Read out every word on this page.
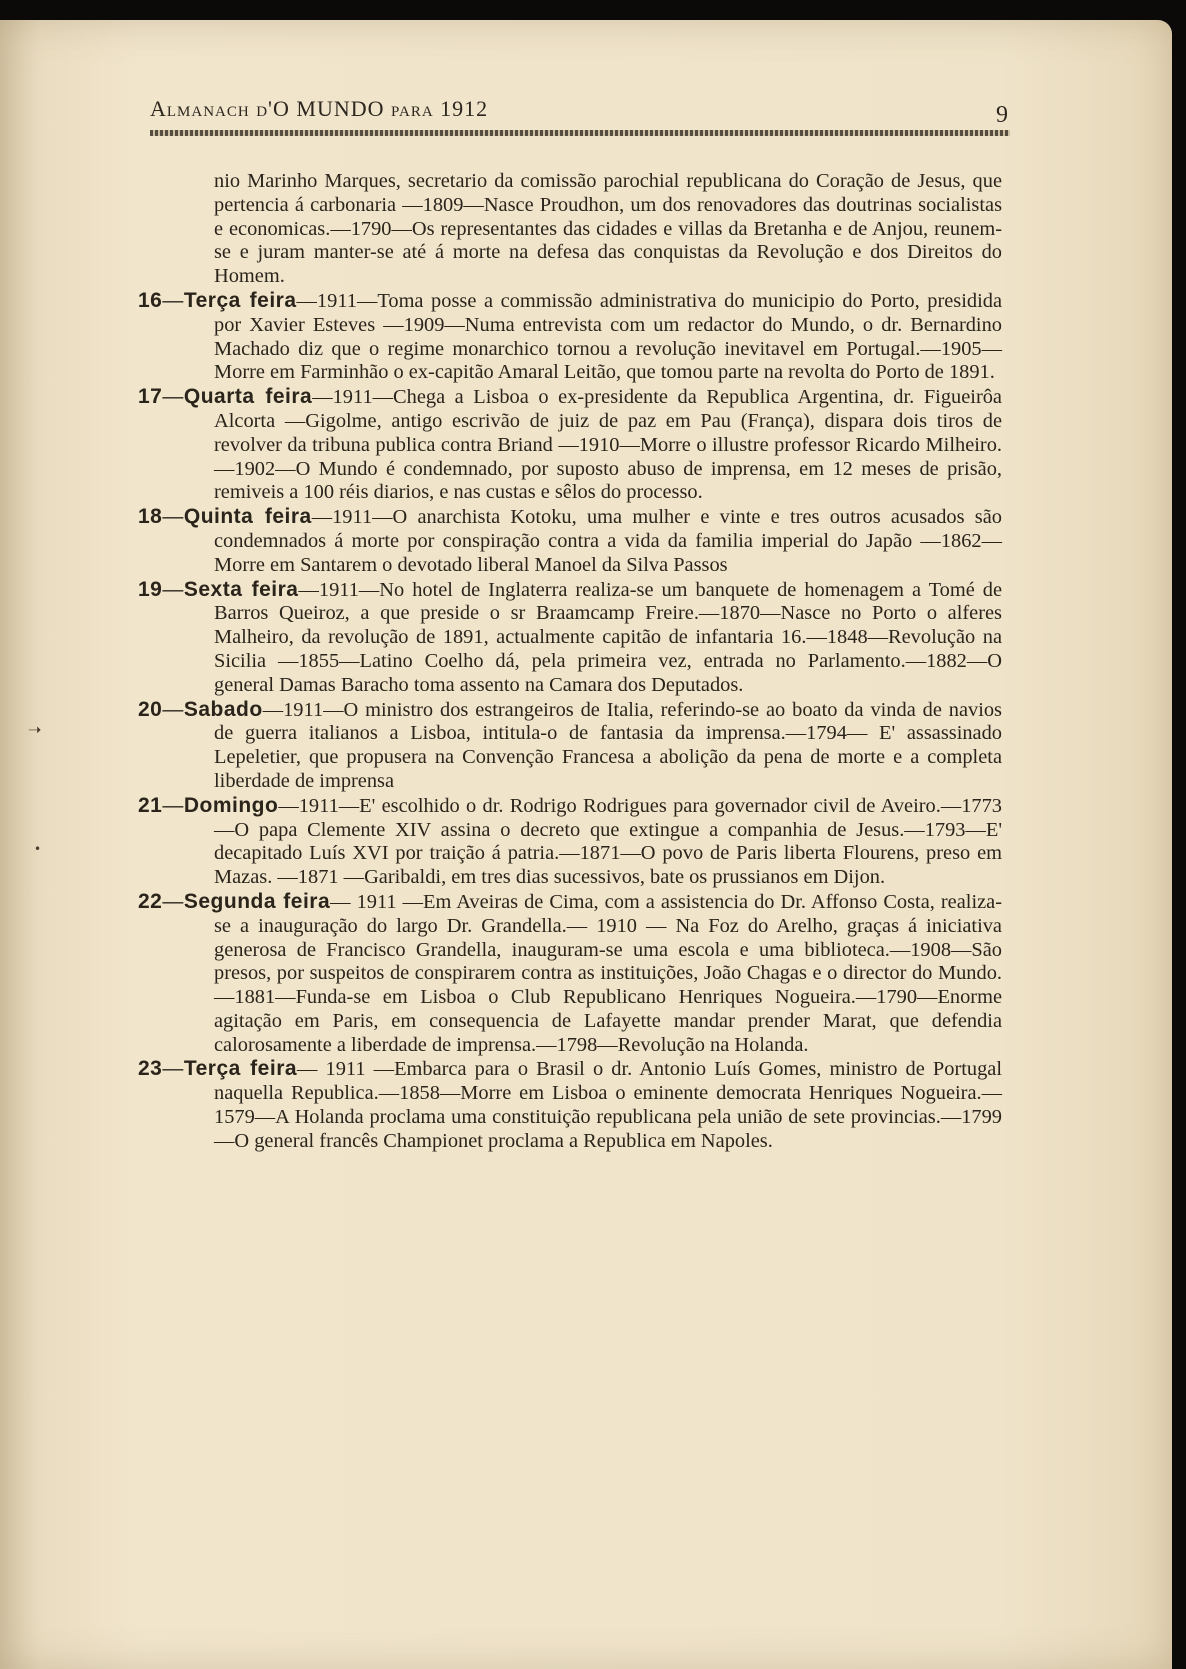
Almanach d'O MUNDO para 1912	9

nio Marinho Marques, secretario da comissão parochial republicana do Coração de Jesus, que pertencia á carbonaria —1809—Nasce Proudhon, um dos renovadores das doutrinas socialistas e economicas.—1790—Os representantes das cidades e villas da Bretanha e de Anjou, reunem-se e juram manter-se até á morte na defesa das conquistas da Revolução e dos Direitos do Homem.

16—Terça feira—1911—Toma posse a commissão administrativa do municipio do Porto, presidida por Xavier Esteves —1909—Numa entrevista com um redactor do Mundo, o dr. Bernardino Machado diz que o regime monarchico tornou a revolução inevitavel em Portugal.—1905—Morre em Farminhão o ex-capitão Amaral Leitão, que tomou parte na revolta do Porto de 1891.

17—Quarta feira—1911—Chega a Lisboa o ex-presidente da Republica Argentina, dr. Figueirôa Alcorta —Gigolme, antigo escrivão de juiz de paz em Pau (França), dispara dois tiros de revolver da tribuna publica contra Briand —1910—Morre o illustre professor Ricardo Milheiro.—1902—O Mundo é condemnado, por suposto abuso de imprensa, em 12 meses de prisão, remiveis a 100 réis diarios, e nas custas e sêlos do processo.

18—Quinta feira—1911—O anarchista Kotoku, uma mulher e vinte e tres outros acusados são condemnados á morte por conspiração contra a vida da familia imperial do Japão —1862—Morre em Santarem o devotado liberal Manoel da Silva Passos

19—Sexta feira—1911—No hotel de Inglaterra realiza-se um banquete de homenagem a Tomé de Barros Queiroz, a que preside o sr Braamcamp Freire.—1870—Nasce no Porto o alferes Malheiro, da revolução de 1891, actualmente capitão de infantaria 16.—1848—Revolução na Sicilia —1855—Latino Coelho dá, pela primeira vez, entrada no Parlamento.—1882—O general Damas Baracho toma assento na Camara dos Deputados.

20—Sabado—1911—O ministro dos estrangeiros de Italia, referindo-se ao boato da vinda de navios de guerra italianos a Lisboa, intitula-o de fantasia da imprensa.—1794— E' assassinado Lepeletier, que propusera na Convenção Francesa a abolição da pena de morte e a completa liberdade de imprensa

21—Domingo—1911—E' escolhido o dr. Rodrigo Rodrigues para governador civil de Aveiro.—1773—O papa Clemente XIV assina o decreto que extingue a companhia de Jesus.—1793—E' decapitado Luís XVI por traição á patria.—1871—O povo de Paris liberta Flourens, preso em Mazas. —1871 —Garibaldi, em tres dias sucessivos, bate os prussianos em Dijon.

22—Segunda feira— 1911 —Em Aveiras de Cima, com a assistencia do Dr. Affonso Costa, realiza-se a inauguração do largo Dr. Grandella.— 1910 — Na Foz do Arelho, graças á iniciativa generosa de Francisco Grandella, inauguram-se uma escola e uma biblioteca.—1908—São presos, por suspeitos de conspirarem contra as instituições, João Chagas e o director do Mundo.—1881—Funda-se em Lisboa o Club Republicano Henriques Nogueira.—1790—Enorme agitação em Paris, em consequencia de Lafayette mandar prender Marat, que defendia calorosamente a liberdade de imprensa.—1798—Revolução na Holanda.

23—Terça feira— 1911 —Embarca para o Brasil o dr. Antonio Luís Gomes, ministro de Portugal naquella Republica.—1858—Morre em Lisboa o eminente democrata Henriques Nogueira.—1579—A Holanda proclama uma constituição republicana pela união de sete provincias.—1799 —O general francês Championet proclama a Republica em Napoles.

➝
•
